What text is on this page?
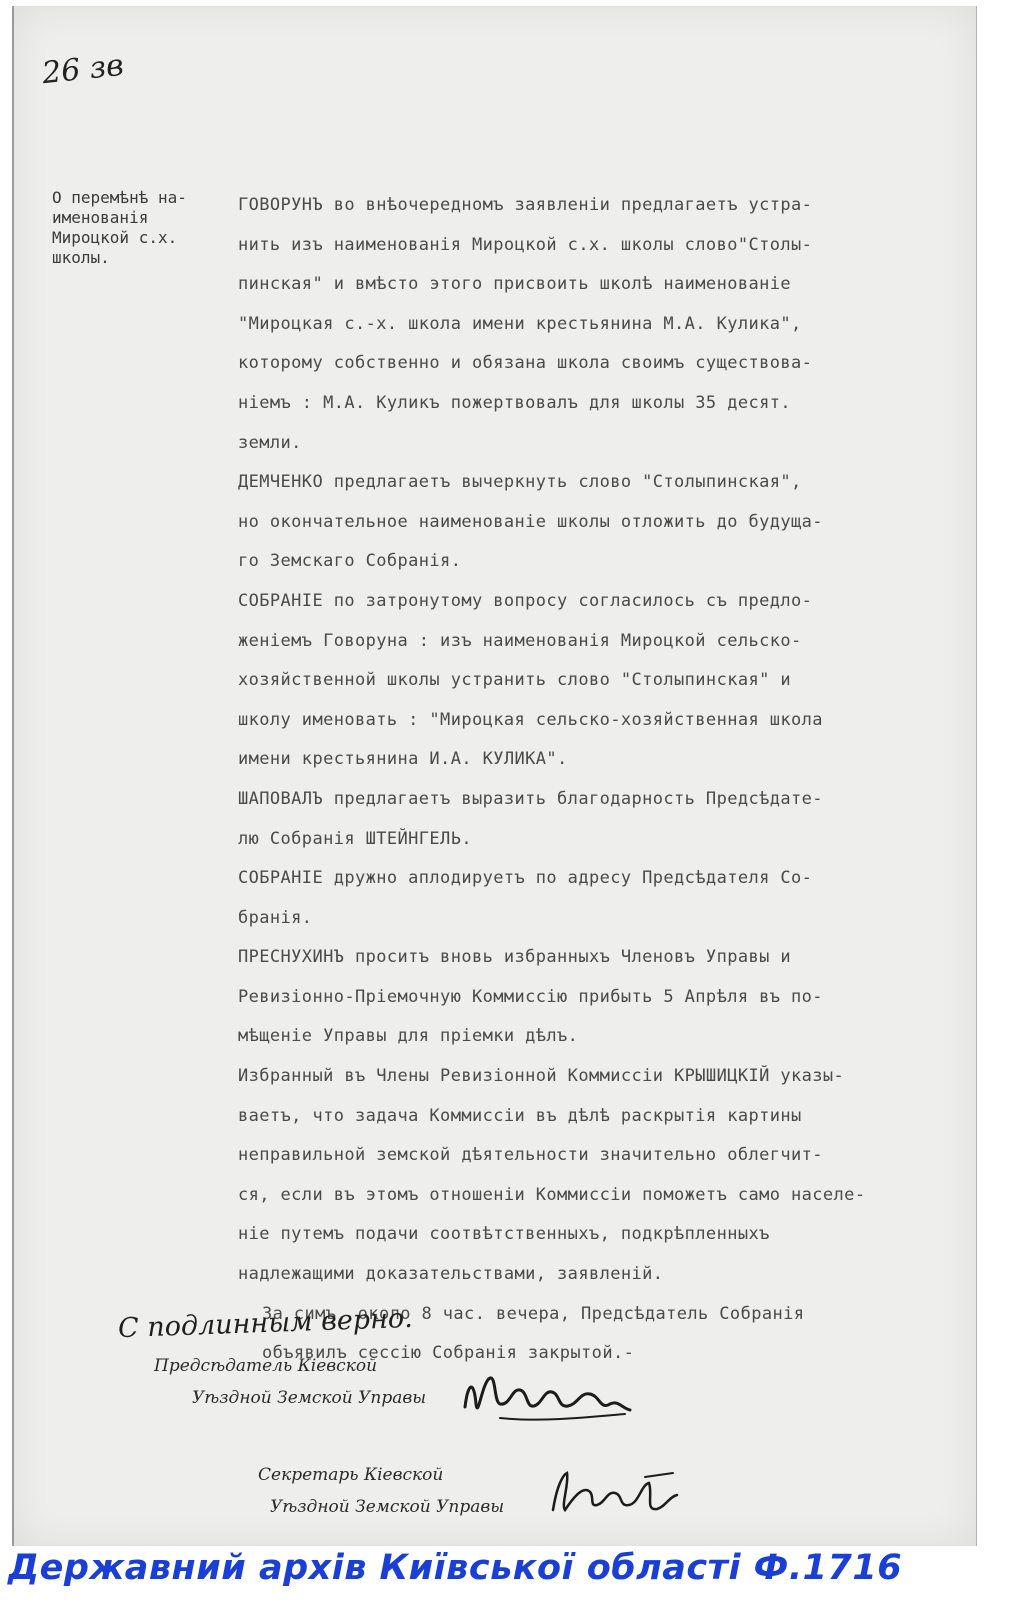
26 зв
О перемѣнѣ на-
именованія
Мироцкой с.х.
школы.
ГОВОРУНЪ во внѣочередномъ заявленіи предлагаетъ устра-
нить изъ наименованія Мироцкой с.х. школы слово"Столы-
пинская" и вмѣсто этого присвоить школѣ наименованіе
"Мироцкая с.-х. школа имени крестьянина М.А. Кулика",
которому собственно и обязана школа своимъ существова-
ніемъ : М.А. Куликъ пожертвовалъ для школы 35 десят.
земли.
ДЕМЧЕНКО предлагаетъ вычеркнуть слово "Столыпинская",
но окончательное наименованіе школы отложить до будуща-
го Земскаго Собранія.
СОБРАНІЕ по затронутому вопросу согласилось съ предло-
женіемъ Говоруна : изъ наименованія Мироцкой сельско-
хозяйственной школы устранить слово "Столыпинская" и
школу именовать : "Мироцкая сельско-хозяйственная школа
имени крестьянина И.А. КУЛИКА".
ШАПОВАЛЪ предлагаетъ выразить благодарность Предсѣдате-
лю Собранія ШТЕЙНГЕЛЬ.
СОБРАНІЕ дружно аплодируетъ по адресу Предсѣдателя Со-
бранія.
ПРЕСНУХИНЪ проситъ вновь избранныхъ Членовъ Управы и
Ревизіонно-Пріемочную Коммиссію прибыть 5 Апрѣля въ по-
мѣщеніе Управы для пріемки дѣлъ.
Избранный въ Члены Ревизіонной Коммиссіи КРЫШИЦКІЙ указы-
ваетъ, что задача Коммиссіи въ дѣлѣ раскрытія картины
неправильной земской дѣятельности значительно облегчит-
ся, если въ этомъ отношеніи Коммиссіи поможетъ само населе-
ніе путемъ подачи соотвѣтственныхъ, подкрѣпленныхъ
надлежащими доказательствами, заявленій.
За симъ, около 8 час. вечера, Предсѣдатель Собранія
объявилъ сессію Собранія закрытой.-
С подлинным верно.
Предсѣдатель Кіевской
Уѣздной Земской Управы
Секретарь Кіевской
Уѣздной Земской Управы
Державний архів Київської області Ф.1716
